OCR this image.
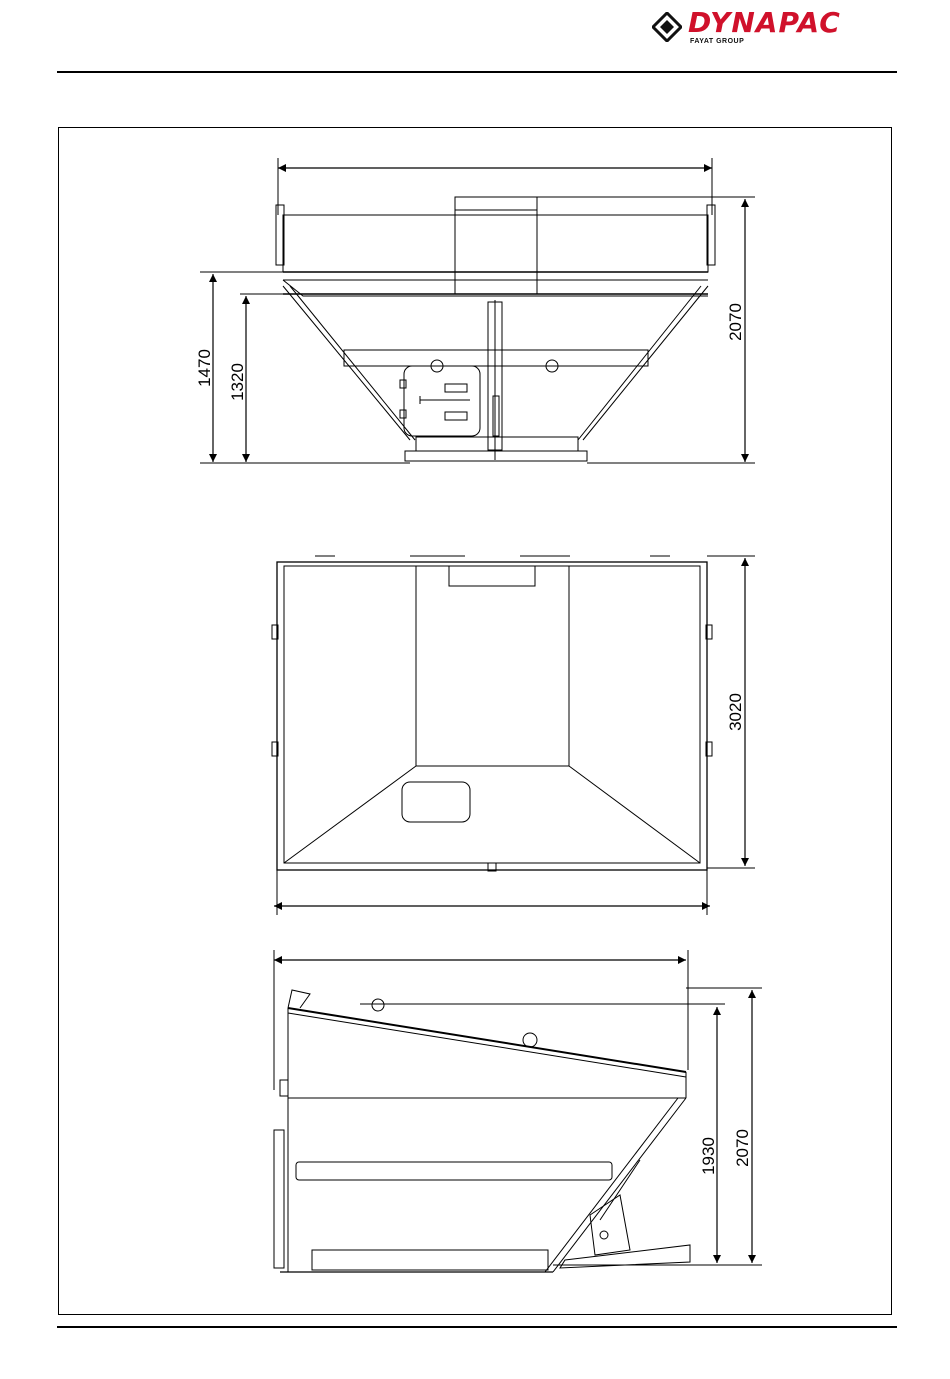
DYNAPAC
FAYAT GROUP
2070
1470 1320
3020
1930 2070
